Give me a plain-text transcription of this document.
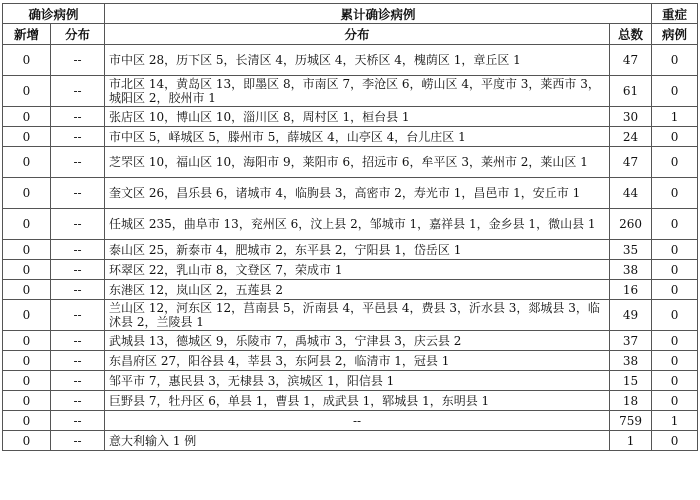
确诊病例		累计确诊病例		重症
新增	分布	分布	总数	病例
0	--	市中区 28，历下区 5，长清区 4，历城区 4，天桥区 4，槐荫区 1，章丘区 1	47	0
0	--	市北区 14，黄岛区 13，即墨区 8，市南区 7，李沧区 6，崂山区 4，平度市 3，莱西市 3，城阳区 2，胶州市 1	61	0
0	--	张店区 10，博山区 10，淄川区 8，周村区 1，桓台县 1	30	1
0	--	市中区 5，峄城区 5，滕州市 5，薛城区 4，山亭区 4，台儿庄区 1	24	0
0	--	芝罘区 10，福山区 10，海阳市 9，莱阳市 6，招远市 6，牟平区 3，莱州市 2，莱山区 1	47	0
0	--	奎文区 26，昌乐县 6，诸城市 4，临朐县 3，高密市 2，寿光市 1，昌邑市 1，安丘市 1	44	0
0	--	任城区 235，曲阜市 13，兖州区 6，汶上县 2，邹城市 1，嘉祥县 1，金乡县 1，微山县 1	260	0
0	--	泰山区 25，新泰市 4，肥城市 2，东平县 2，宁阳县 1，岱岳区 1	35	0
0	--	环翠区 22，乳山市 8，文登区 7，荣成市 1	38	0
0	--	东港区 12，岚山区 2，五莲县 2	16	0
0	--	兰山区 12，河东区 12，莒南县 5，沂南县 4，平邑县 4，费县 3，沂水县 3，郯城县 3，临沭县 2，兰陵县 1	49	0
0	--	武城县 13，德城区 9，乐陵市 7，禹城市 3，宁津县 3，庆云县 2	37	0
0	--	东昌府区 27，阳谷县 4，莘县 3，东阿县 2，临清市 1，冠县 1	38	0
0	--	邹平市 7，惠民县 3，无棣县 3，滨城区 1，阳信县 1	15	0
0	--	巨野县 7，牡丹区 6，单县 1，曹县 1，成武县 1，郓城县 1，东明县 1	18	0
0	--	--	759	1
0	--	意大利输入 1 例	1	0
